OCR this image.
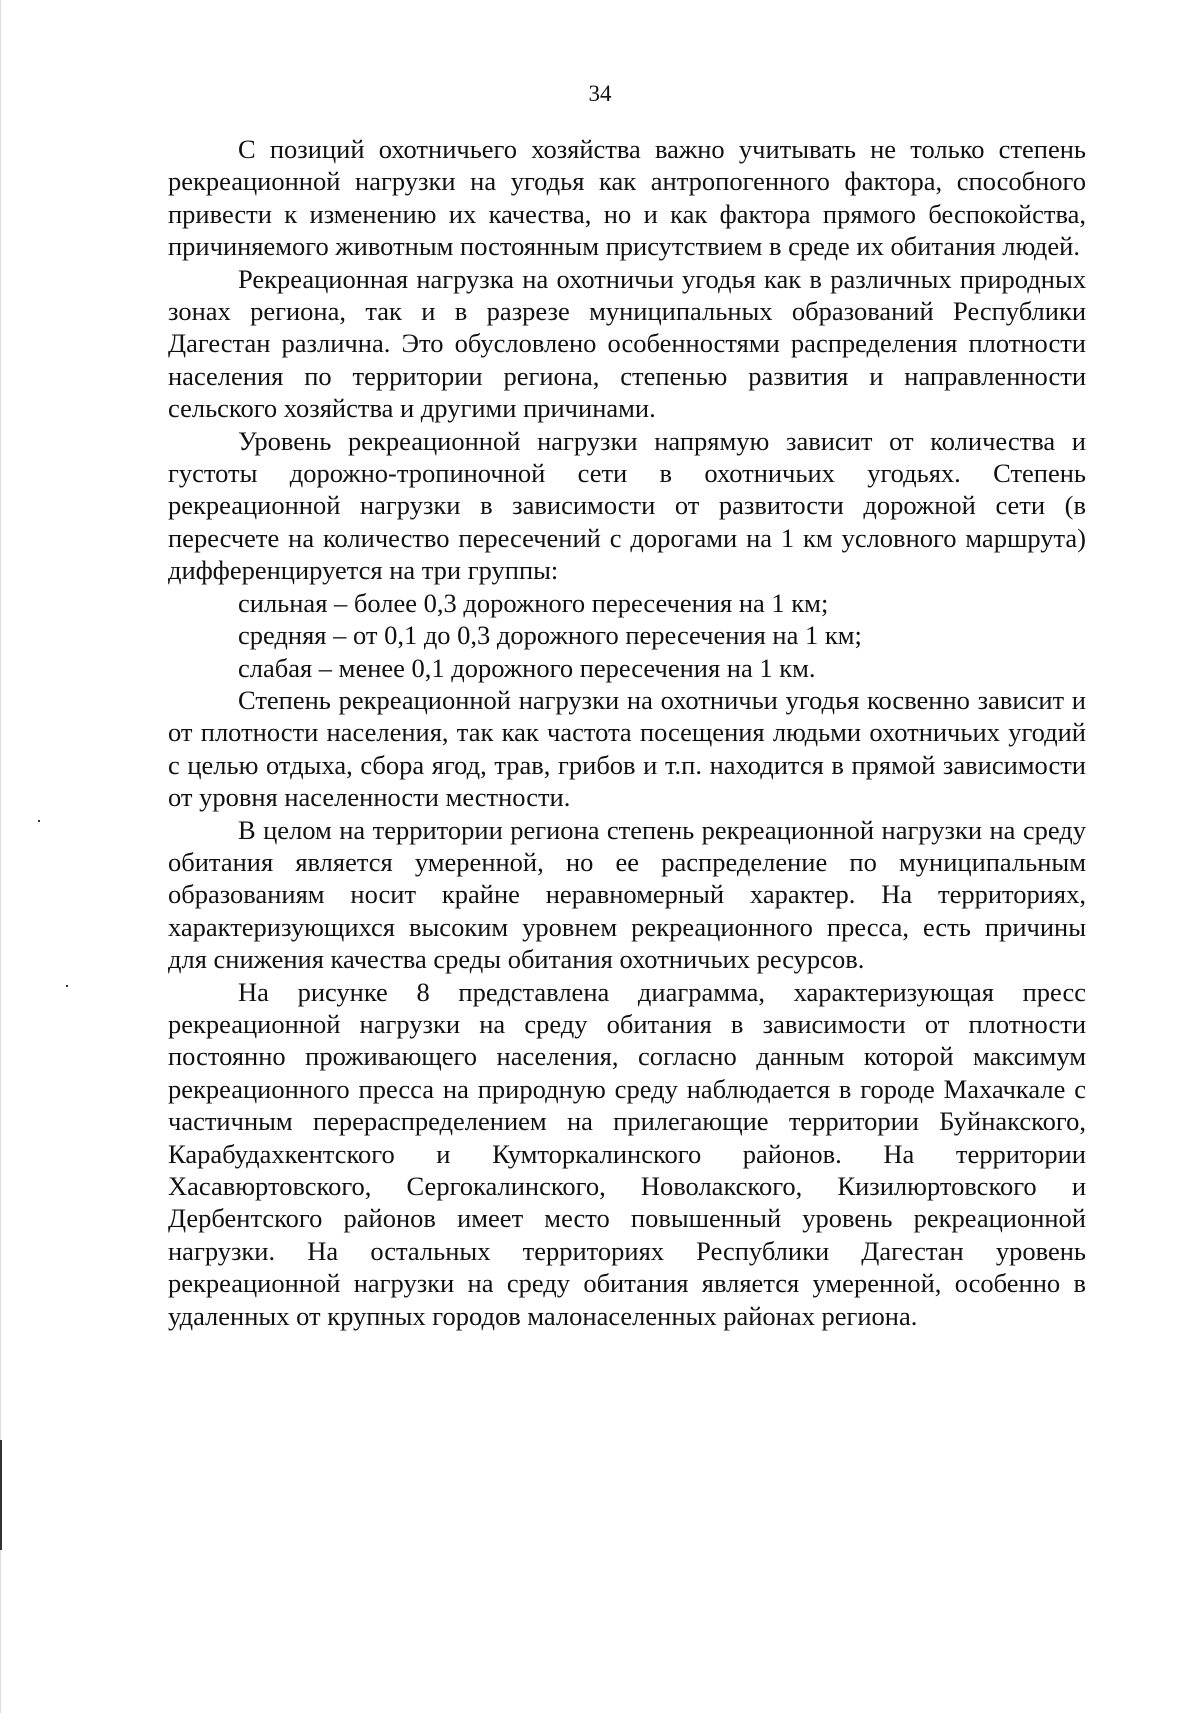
34

С позиций охотничьего хозяйства важно учитывать не только степень рекреационной нагрузки на угодья как антропогенного фактора, способного привести к изменению их качества, но и как фактора прямого беспокойства, причиняемого животным постоянным присутствием в среде их обитания людей.

Рекреационная нагрузка на охотничьи угодья как в различных природных зонах региона, так и в разрезе муниципальных образований Республики Дагестан различна. Это обусловлено особенностями распределения плотности населения по территории региона, степенью развития и направленности сельского хозяйства и другими причинами.

Уровень рекреационной нагрузки напрямую зависит от количества и густоты дорожно-тропиночной сети в охотничьих угодьях. Степень рекреационной нагрузки в зависимости от развитости дорожной сети (в пересчете на количество пересечений с дорогами на 1 км условного маршрута) дифференцируется на три группы:

сильная – более 0,3 дорожного пересечения на 1 км;

средняя – от 0,1 до 0,3 дорожного пересечения на 1 км;

слабая – менее 0,1 дорожного пересечения на 1 км.

Степень рекреационной нагрузки на охотничьи угодья косвенно зависит и от плотности населения, так как частота посещения людьми охотничьих угодий с целью отдыха, сбора ягод, трав, грибов и т.п. находится в прямой зависимости от уровня населенности местности.

В целом на территории региона степень рекреационной нагрузки на среду обитания является умеренной, но ее распределение по муниципальным образованиям носит крайне неравномерный характер. На территориях, характеризующихся высоким уровнем рекреационного пресса, есть причины для снижения качества среды обитания охотничьих ресурсов.

На рисунке 8 представлена диаграмма, характеризующая пресс рекреационной нагрузки на среду обитания в зависимости от плотности постоянно проживающего населения, согласно данным которой максимум рекреационного пресса на природную среду наблюдается в городе Махачкале с частичным перераспределением на прилегающие территории Буйнакского, Карабудахкентского и Кумторкалинского районов. На территории Хасавюртовского, Сергокалинского, Новолакского, Кизилюртовского и Дербентского районов имеет место повышенный уровень рекреационной нагрузки. На остальных территориях Республики Дагестан уровень рекреационной нагрузки на среду обитания является умеренной, особенно в удаленных от крупных городов малонаселенных районах региона.
